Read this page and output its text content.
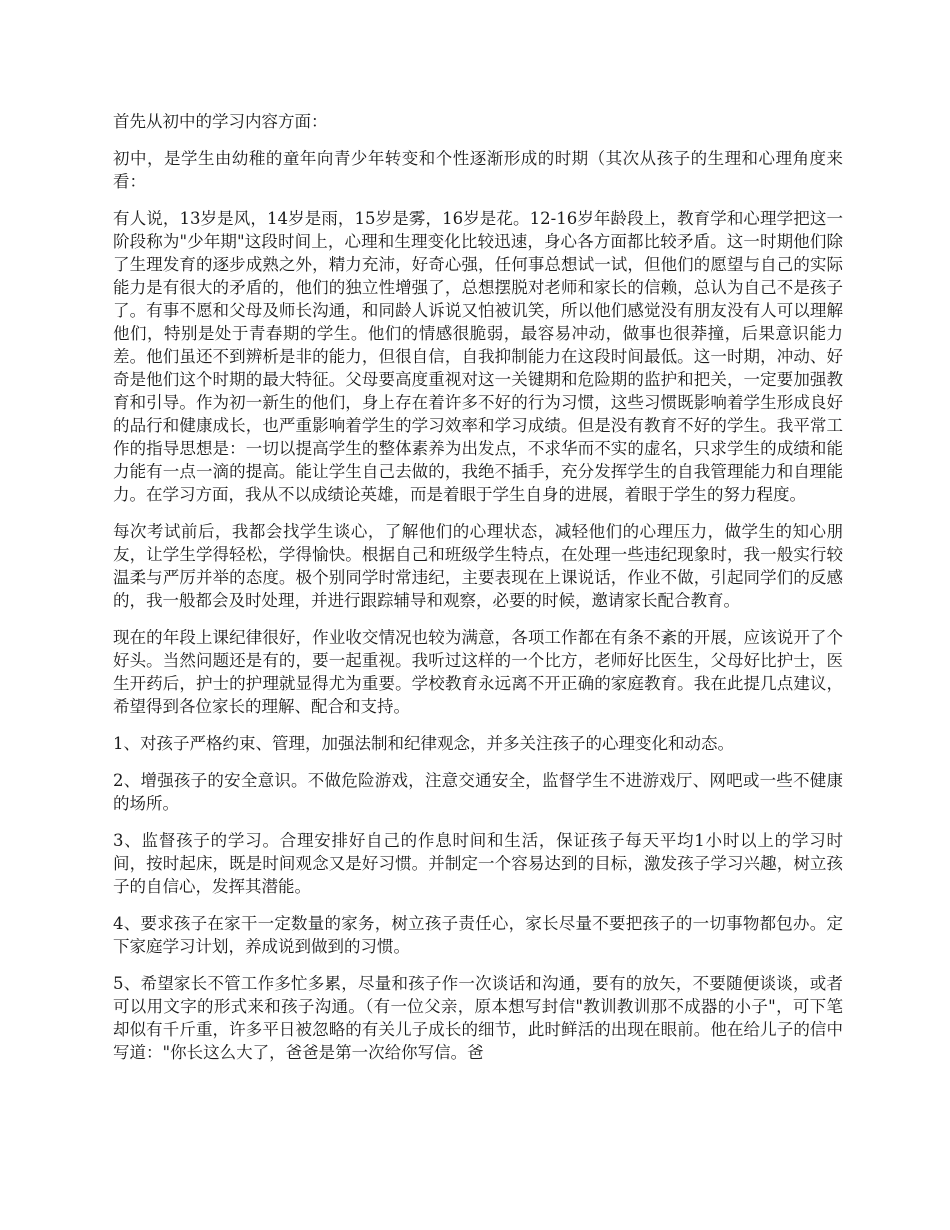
首先从初中的学习内容方面：

初中，是学生由幼稚的童年向青少年转变和个性逐渐形成的时期（其次从孩子的生理和心理角度来看：

有人说，13岁是风，14岁是雨，15岁是雾，16岁是花。12-16岁年龄段上，教育学和心理学把这一阶段称为"少年期"这段时间上，心理和生理变化比较迅速，身心各方面都比较矛盾。这一时期他们除了生理发育的逐步成熟之外，精力充沛，好奇心强，任何事总想试一试，但他们的愿望与自己的实际能力是有很大的矛盾的，他们的独立性增强了，总想摆脱对老师和家长的信赖，总认为自己不是孩子了。有事不愿和父母及师长沟通，和同龄人诉说又怕被讥笑，所以他们感觉没有朋友没有人可以理解他们，特别是处于青春期的学生。他们的情感很脆弱，最容易冲动，做事也很莽撞，后果意识能力差。他们虽还不到辨析是非的能力，但很自信，自我抑制能力在这段时间最低。这一时期，冲动、好奇是他们这个时期的最大特征。父母要高度重视对这一关键期和危险期的监护和把关，一定要加强教育和引导。作为初一新生的他们，身上存在着许多不好的行为习惯，这些习惯既影响着学生形成良好的品行和健康成长，也严重影响着学生的学习效率和学习成绩。但是没有教育不好的学生。我平常工作的指导思想是：一切以提高学生的整体素养为出发点，不求华而不实的虚名，只求学生的成绩和能力能有一点一滴的提高。能让学生自己去做的，我绝不插手，充分发挥学生的自我管理能力和自理能力。在学习方面，我从不以成绩论英雄，而是着眼于学生自身的进展，着眼于学生的努力程度。

每次考试前后，我都会找学生谈心，了解他们的心理状态，减轻他们的心理压力，做学生的知心朋友，让学生学得轻松，学得愉快。根据自己和班级学生特点，在处理一些违纪现象时，我一般实行较温柔与严厉并举的态度。极个别同学时常违纪，主要表现在上课说话，作业不做，引起同学们的反感的，我一般都会及时处理，并进行跟踪辅导和观察，必要的时候，邀请家长配合教育。

现在的年段上课纪律很好，作业收交情况也较为满意，各项工作都在有条不紊的开展，应该说开了个好头。当然问题还是有的，要一起重视。我听过这样的一个比方，老师好比医生，父母好比护士，医生开药后，护士的护理就显得尤为重要。学校教育永远离不开正确的家庭教育。我在此提几点建议，希望得到各位家长的理解、配合和支持。

1、对孩子严格约束、管理，加强法制和纪律观念，并多关注孩子的心理变化和动态。

2、增强孩子的安全意识。不做危险游戏，注意交通安全，监督学生不进游戏厅、网吧或一些不健康的场所。

3、监督孩子的学习。合理安排好自己的作息时间和生活，保证孩子每天平均1小时以上的学习时间，按时起床，既是时间观念又是好习惯。并制定一个容易达到的目标，激发孩子学习兴趣，树立孩子的自信心，发挥其潜能。

4、要求孩子在家干一定数量的家务，树立孩子责任心，家长尽量不要把孩子的一切事物都包办。定下家庭学习计划，养成说到做到的习惯。

5、希望家长不管工作多忙多累，尽量和孩子作一次谈话和沟通，要有的放矢，不要随便谈谈，或者可以用文字的形式来和孩子沟通。（有一位父亲，原本想写封信"教训教训那不成器的小子"，可下笔却似有千斤重，许多平日被忽略的有关儿子成长的细节，此时鲜活的出现在眼前。他在给儿子的信中写道："你长这么大了，爸爸是第一次给你写信。爸
